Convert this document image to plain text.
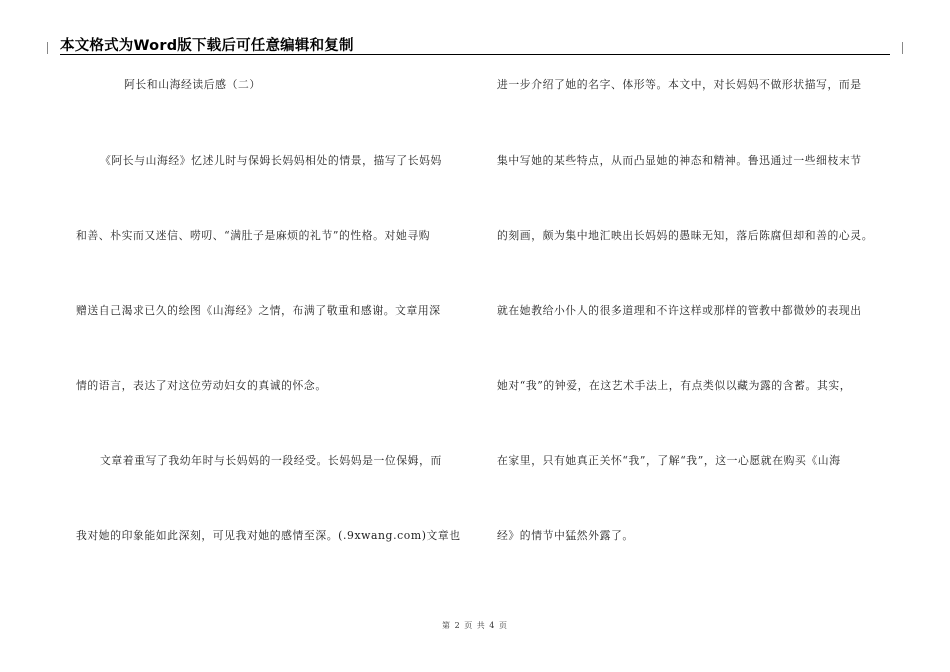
本文格式为Word版下载后可任意编辑和复制
阿长和山海经读后感（二）
《阿长与山海经》忆述儿时与保姆长妈妈相处的情景，描写了长妈妈
和善、朴实而又迷信、唠叨、“满肚子是麻烦的礼节”的性格。对她寻购
赠送自己渴求已久的绘图《山海经》之情，布满了敬重和感谢。文章用深
情的语言，表达了对这位劳动妇女的真诚的怀念。
文章着重写了我幼年时与长妈妈的一段经受。长妈妈是一位保姆，而
我对她的印象能如此深刻，可见我对她的感情至深。(.9xwang.com)文章也
进一步介绍了她的名字、体形等。本文中，对长妈妈不做形状描写，而是
集中写她的某些特点，从而凸显她的神态和精神。鲁迅通过一些细枝末节
的刻画，颇为集中地汇映出长妈妈的愚昧无知，落后陈腐但却和善的心灵。
就在她教给小仆人的很多道理和不许这样或那样的管教中都微妙的表现出
她对“我”的钟爱，在这艺术手法上，有点类似以藏为露的含蓄。其实，
在家里，只有她真正关怀“我”，了解“我”，这一心愿就在购买《山海
经》的情节中猛然外露了。
第 2 页 共 4 页
